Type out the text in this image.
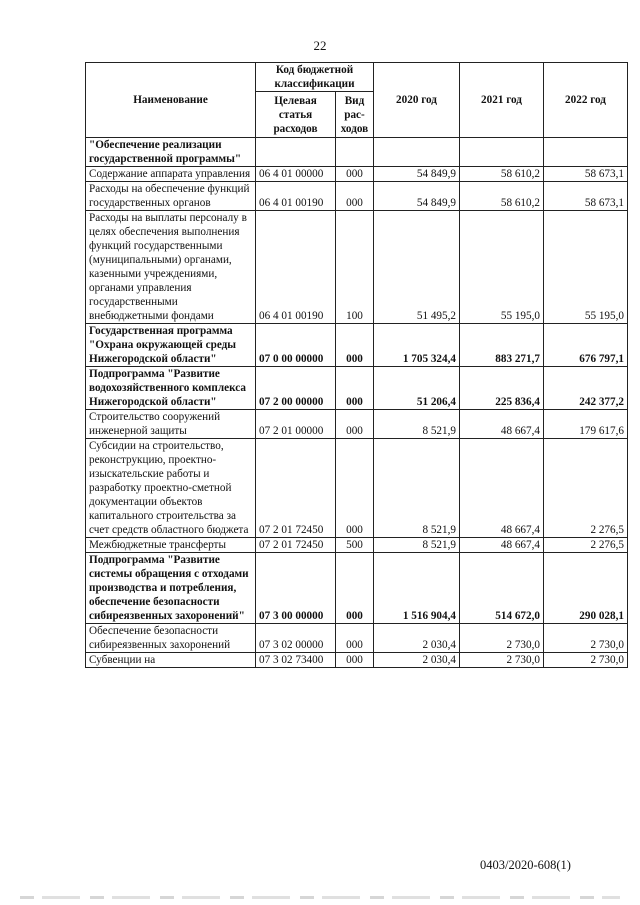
22
Наименование	Код бюджетной классификации		2020 год	2021 год	2022 год
	Целевая статья расходов	Вид рас-ходов			
"Обеспечение реализации государственной программы"					
Содержание аппарата управления	06 4 01 00000	000	54 849,9	58 610,2	58 673,1
Расходы на обеспечение функций государственных органов	06 4 01 00190	000	54 849,9	58 610,2	58 673,1
Расходы на выплаты персоналу в целях обеспечения выполнения функций государственными (муниципальными) органами, казенными учреждениями, органами управления государственными внебюджетными фондами	06 4 01 00190	100	51 495,2	55 195,0	55 195,0
Государственная программа "Охрана окружающей среды Нижегородской области"	07 0 00 00000	000	1 705 324,4	883 271,7	676 797,1
Подпрограмма "Развитие водохозяйственного комплекса Нижегородской области"	07 2 00 00000	000	51 206,4	225 836,4	242 377,2
Строительство сооружений инженерной защиты	07 2 01 00000	000	8 521,9	48 667,4	179 617,6
Субсидии на строительство, реконструкцию, проектно-изыскательские работы и разработку проектно-сметной документации объектов капитального строительства за счет средств областного бюджета	07 2 01 72450	000	8 521,9	48 667,4	2 276,5
Межбюджетные трансферты	07 2 01 72450	500	8 521,9	48 667,4	2 276,5
Подпрограмма "Развитие системы обращения с отходами производства и потребления, обеспечение безопасности сибиреязвенных захоронений"	07 3 00 00000	000	1 516 904,4	514 672,0	290 028,1
Обеспечение безопасности сибиреязвенных захоронений	07 3 02 00000	000	2 030,4	2 730,0	2 730,0
Субвенции на	07 3 02 73400	000	2 030,4	2 730,0	2 730,0
0403/2020-608(1)
